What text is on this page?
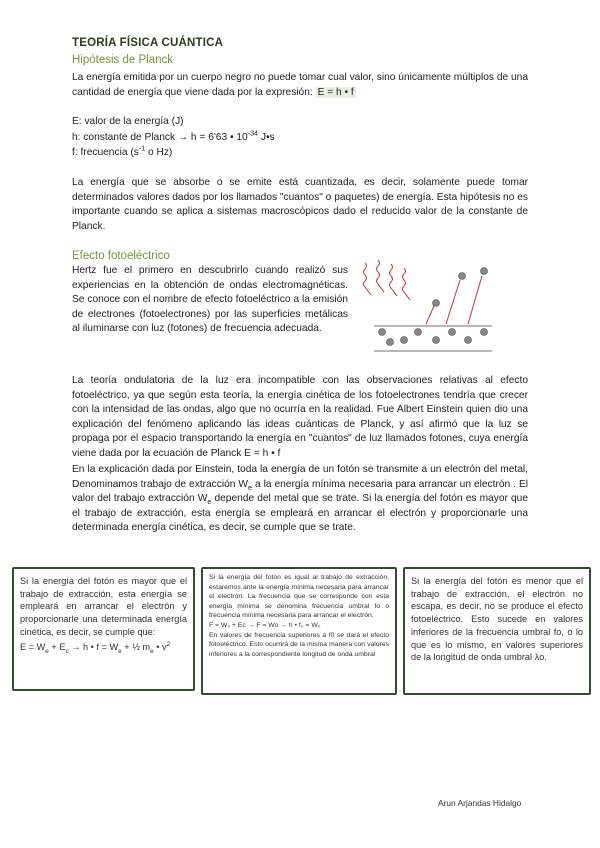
TEORÍA FÍSICA CUÁNTICA
Hipótesis de Planck
La energía emitida por un cuerpo negro no puede tomar cual valor, sino únicamente múltiplos de una cantidad de energía que viene dada por la expresión: E = h • f
E: valor de la energía (J)
h: constante de Planck → h = 6'63 • $10^{-34}$ J•s
f: frecuencia ($s^{-1}$ o Hz)
La energía que se absorbe o se emite está cuantizada, es decir, solamente puede tomar determinados valores dados por los llamados "cuantos" o paquetes) de energía. Esta hipótesis no es importante cuando se aplica a sistemas macroscópicos dado el reducido valor de la constante de Planck.
Efecto fotoeléctrico
Hertz fue el primero en descubrirlo cuando realizó sus experiencias en la obtención de ondas electromagnéticas. Se conoce con el nombre de efecto fotoeléctrico a la emisión de electrones (fotoelectrones) por las superficies metálicas al iluminarse con luz (fotones) de frecuencia adecuada.
La teoría ondulatoria de la luz era incompatible con las observaciones relativas al efecto fotoeléctrico, ya que según esta teoría, la energía cinética de los fotoelectrones tendría que crecer con la intensidad de las ondas, algo que no ocurría en la realidad. Fue Albert Einstein quien dio una explicación del fenómeno aplicando las ideas cuánticas de Planck, y así afirmó que la luz se propaga por el espacio transportando la energía en "cuantos" de luz llamados fotones, cuya energía viene dada por la ecuación de Planck E = h • f
En la explicación dada por Einstein, toda la energía de un fotón se transmite a un electrón del metal, Denominamos trabajo de extracción $W_e$ a la energía mínima necesaria para arrancar un electrón . El valor del trabajo extracción $W_e$ depende del metal que se trate. Si la energía del fotón es mayor que el trabajo de extracción, esta energía se empleará en arrancar el electrón y proporcionarle una determinada energía cinética, es decir, se cumple que se trate.

Si la energía del fotón es mayor que el trabajo de extracción, esta energía se empleará en arrancar el electrón y proporcionarle una determinada energía cinética, es decir, se cumple que:

$E = W_e + E_c \to h$ • $f = W_e$ + ½ $m_e$ • $v^2$

Si la energía del fotón es igual al trabajo de extracción, estaremos ante la energía mínima necesaria para arrancar el electrón. La frecuencia que se corresponde con esta energía mínima se denomina frecuencia umbral fo o frecuencia mínima necesaria para arrancar el electrón.

F = W₀ + Ec → F = Wo → h • f₀ = W₀

En valores de frecuencia superiores a f0 se dará el efecto fotoeléctrico. Esto ocurrirá de la misma manera con valores inferiores a la correspondiente longitud de onda umbral

Si la energía del fotón es menor que el trabajo de extracción, el electrón no escapa, es decir, no se produce el efecto fotoeléctrico. Esto sucede en valores inferiores de la frecuencia umbral fo, o lo que es lo mismo, en valores superiores de la longitud de onda umbral λo.

Arun Arjandas Hidalgo
